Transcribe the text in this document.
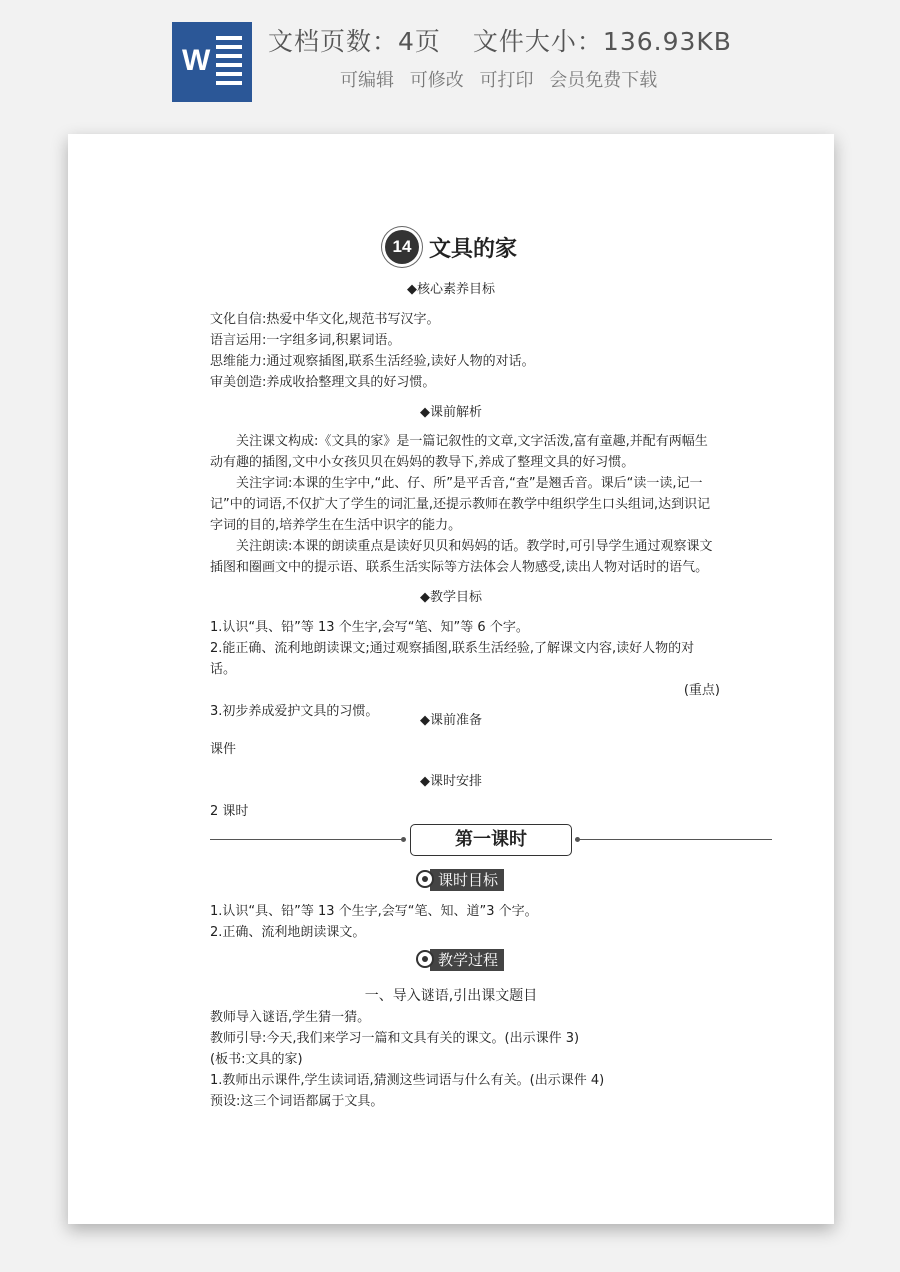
W
文档页数：4页 文件大小：136.93KB
可编辑 可修改 可打印 会员免费下载
14 文具的家
◆核心素养目标
文化自信:热爱中华文化,规范书写汉字。
语言运用:一字组多词,积累词语。
思维能力:通过观察插图,联系生活经验,读好人物的对话。
审美创造:养成收拾整理文具的好习惯。
◆课前解析
关注课文构成:《文具的家》是一篇记叙性的文章,文字活泼,富有童趣,并配有两幅生动有趣的插图,文中小女孩贝贝在妈妈的教导下,养成了整理文具的好习惯。
关注字词:本课的生字中,“此、仔、所”是平舌音,“查”是翘舌音。课后“读一读,记一记”中的词语,不仅扩大了学生的词汇量,还提示教师在教学中组织学生口头组词,达到识记字词的目的,培养学生在生活中识字的能力。
关注朗读:本课的朗读重点是读好贝贝和妈妈的话。教学时,可引导学生通过观察课文插图和圈画文中的提示语、联系生活实际等方法体会人物感受,读出人物对话时的语气。
◆教学目标
1.认识“具、铅”等 13 个生字,会写“笔、知”等 6 个字。
2.能正确、流利地朗读课文;通过观察插图,联系生活经验,了解课文内容,读好人物的对话。
(重点)
3.初步养成爱护文具的习惯。
◆课前准备
课件
◆课时安排
2 课时
第一课时
课时目标
1.认识“具、铅”等 13 个生字,会写“笔、知、道”3 个字。
2.正确、流利地朗读课文。
教学过程
一、导入谜语,引出课文题目
教师导入谜语,学生猜一猜。
教师引导:今天,我们来学习一篇和文具有关的课文。(出示课件 3)
(板书:文具的家)
1.教师出示课件,学生读词语,猜测这些词语与什么有关。(出示课件 4)
预设:这三个词语都属于文具。
